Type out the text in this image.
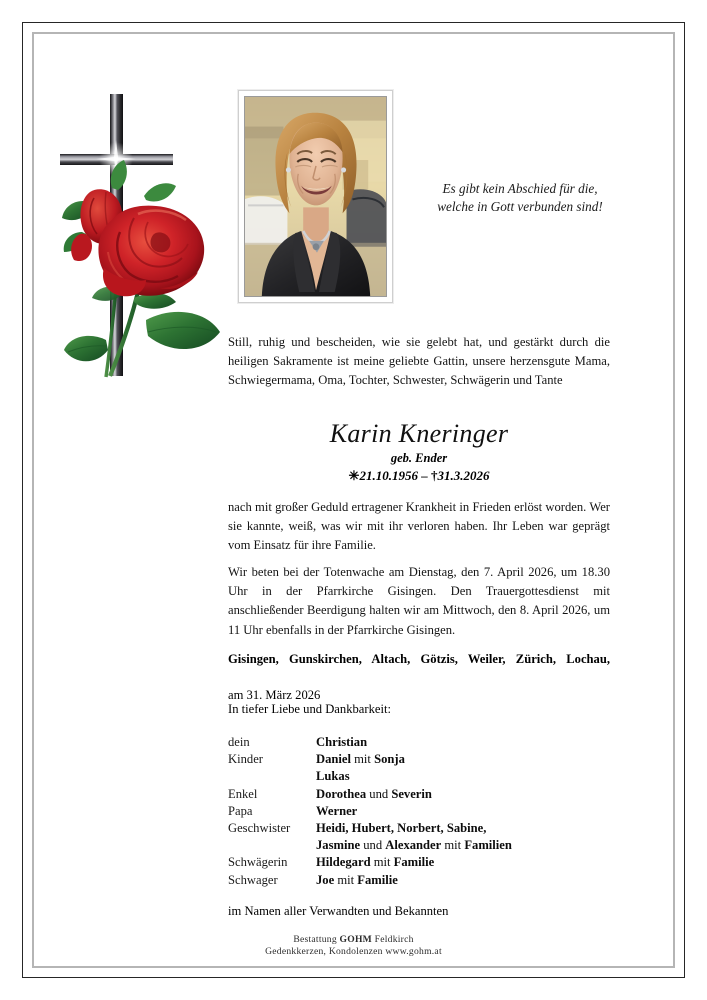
Es gibt kein Abschied für die,
welche in Gott verbunden sind!
Still, ruhig und bescheiden, wie sie gelebt hat, und gestärkt durch die heiligen Sakramente ist meine geliebte Gattin, unsere herzensgute Mama, Schwiegermama, Oma, Tochter, Schwester, Schwägerin und Tante
Karin Kneringer
geb. Ender
✳21.10.1956 – †31.3.2026
nach mit großer Geduld ertragener Krankheit in Frieden erlöst worden. Wer sie kannte, weiß, was wir mit ihr verloren haben. Ihr Leben war geprägt vom Einsatz für ihre Familie.
Wir beten bei der Totenwache am Dienstag, den 7. April 2026, um 18.30 Uhr in der Pfarrkirche Gisingen. Den Trauergottesdienst mit anschließender Beerdigung halten wir am Mittwoch, den 8. April 2026, um 11 Uhr ebenfalls in der Pfarrkirche Gisingen.
Gisingen, Gunskirchen, Altach, Götzis, Weiler, Zürich, Lochau,
am 31. März 2026
In tiefer Liebe und Dankbarkeit:
dein	Christian
Kinder	Daniel mit Sonja
	Lukas
Enkel	Dorothea und Severin
Papa	Werner
Geschwister	Heidi, Hubert, Norbert, Sabine,
	Jasmine und Alexander mit Familien
Schwägerin	Hildegard mit Familie
Schwager	Joe mit Familie
im Namen aller Verwandten und Bekannten
Bestattung GOHM Feldkirch
Gedenkkerzen, Kondolenzen www.gohm.at
